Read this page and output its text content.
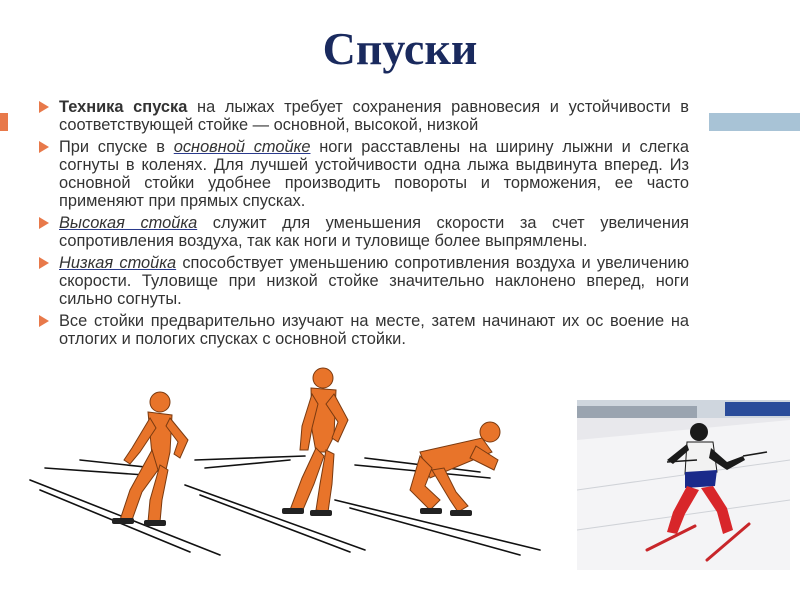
Спуски

Техника спуска на лыжах требует сохранения равновесия и устойчивости в соответствующей стойке — основной, высокой, низкой

При спуске в основной стойке ноги расставлены на ширину лыжни и слегка согнуты в коленях. Для лучшей устойчивости одна лыжа выдвинута вперед. Из основной стойки удобнее производить повороты и торможения, ее часто применяют при прямых спусках.

Высокая стойка служит для уменьшения скорости за счет увеличения сопротивления воздуха, так как ноги и туловище более выпрямлены.

Низкая стойка способствует уменьшению сопротивления воздуха и увеличению скорости. Туловище при низкой стойке значительно наклонено вперед, ноги сильно согнуты.

Все стойки предварительно изучают на месте, затем начинают их ос воение на отлогих и пологих спусках с основной стойки.
